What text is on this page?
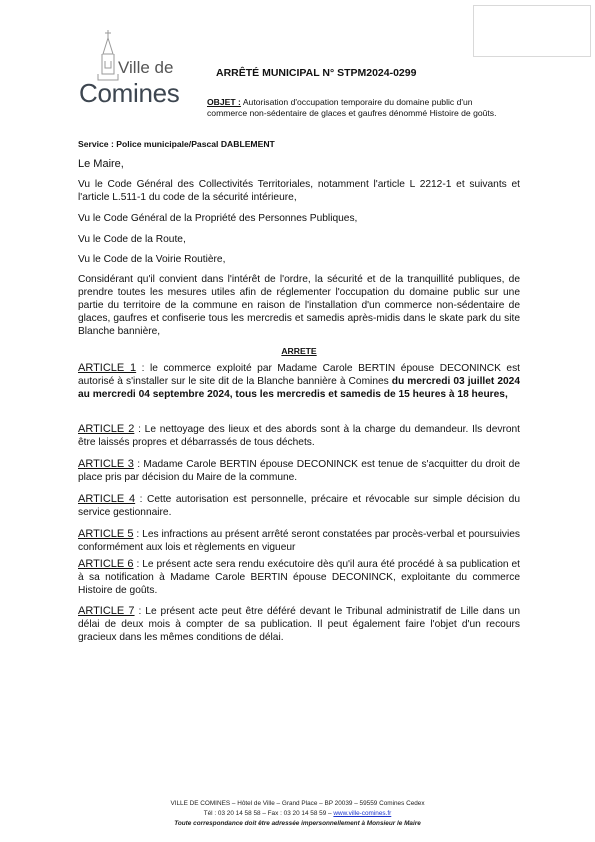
Ville de
Comines
ARRÊTÉ MUNICIPAL N° STPM2024-0299
OBJET : Autorisation d'occupation temporaire du domaine public d'un commerce non-sédentaire de glaces et gaufres dénommé Histoire de goûts.
Service : Police municipale/Pascal DABLEMENT
Le Maire,
Vu le Code Général des Collectivités Territoriales, notamment l'article L 2212-1 et suivants et l'article L.511-1 du code de la sécurité intérieure,
Vu le Code Général de la Propriété des Personnes Publiques,
Vu le Code de la Route,
Vu le Code de la Voirie Routière,
Considérant qu'il convient dans l'intérêt de l'ordre, la sécurité et de la tranquillité publiques, de prendre toutes les mesures utiles afin de réglementer l'occupation du domaine public sur une partie du territoire de la commune en raison de l'installation d'un commerce non-sédentaire de glaces, gaufres et confiserie tous les mercredis et samedis après-midis dans le skate park du site Blanche bannière,
ARRETE
ARTICLE 1 : le commerce exploité par Madame Carole BERTIN épouse DECONINCK est autorisé à s'installer sur le site dit de la Blanche bannière à Comines du mercredi 03 juillet 2024 au mercredi 04 septembre 2024, tous les mercredis et samedis de 15 heures à 18 heures,
ARTICLE 2 : Le nettoyage des lieux et des abords sont à la charge du demandeur. Ils devront être laissés propres et débarrassés de tous déchets.
ARTICLE 3 : Madame Carole BERTIN épouse DECONINCK est tenue de s'acquitter du droit de place pris par décision du Maire de la commune.
ARTICLE 4 : Cette autorisation est personnelle, précaire et révocable sur simple décision du service gestionnaire.
ARTICLE 5 : Les infractions au présent arrêté seront constatées par procès-verbal et poursuivies conformément aux lois et règlements en vigueur
ARTICLE 6 : Le présent acte sera rendu exécutoire dès qu'il aura été procédé à sa publication et à sa notification à Madame Carole BERTIN épouse DECONINCK, exploitante du commerce Histoire de goûts.
ARTICLE 7 : Le présent acte peut être déféré devant le Tribunal administratif de Lille dans un délai de deux mois à compter de sa publication. Il peut également faire l'objet d'un recours gracieux dans les mêmes conditions de délai.
VILLE DE COMINES – Hôtel de Ville – Grand Place – BP 20039 – 59559 Comines Cedex
Tél : 03 20 14 58 58 – Fax : 03 20 14 58 59 – www.ville-comines.fr
Toute correspondance doit être adressée impersonnellement à Monsieur le Maire
